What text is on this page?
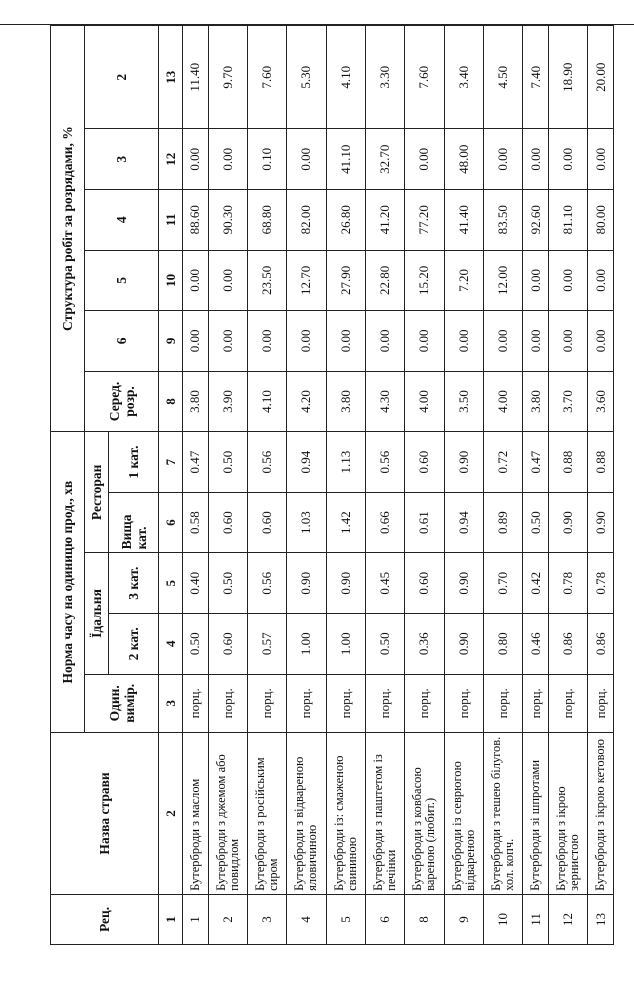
Рец.	Назва страви	Норма часу на одиницю прод., хв					Структура робіт за розрядами, %					
		Один. вимір.	Їдальня		Ресторан		Серед. розр.	6	5	4	3	2
			2 кат.	3 кат.	Вища кат.	1 кат.						
1	2	3	4	5	6	7	8	9	10	11	12	13
1	Бутерброди з маслом	порц.	0.50	0.40	0.58	0.47	3.80	0.00	0.00	88.60	0.00	11.40
2	Бутерброди з джемом або повидлом	порц.	0.60	0.50	0.60	0.50	3.90	0.00	0.00	90.30	0.00	9.70
3	Бутерброди з російським сиром	порц.	0.57	0.56	0.60	0.56	4.10	0.00	23.50	68.80	0.10	7.60
4	Бутерброди з відвареною яловичиною	порц.	1.00	0.90	1.03	0.94	4.20	0.00	12.70	82.00	0.00	5.30
5	Бутерброди із: смаженою свининою	порц.	1.00	0.90	1.42	1.13	3.80	0.00	27.90	26.80	41.10	4.10
6	Бутерброди з паштетом із печінки	порц.	0.50	0.45	0.66	0.56	4.30	0.00	22.80	41.20	32.70	3.30
8	Бутерброди з ковбасою вареною (любит.)	порц.	0.36	0.60	0.61	0.60	4.00	0.00	15.20	77.20	0.00	7.60
9	Бутерброди із севрюгою відвареною	порц.	0.90	0.90	0.94	0.90	3.50	0.00	7.20	41.40	48.00	3.40
10	Бутерброди з тешею білугов. хол. копч.	порц.	0.80	0.70	0.89	0.72	4.00	0.00	12.00	83.50	0.00	4.50
11	Бутерброди зі шпротами	порц.	0.46	0.42	0.50	0.47	3.80	0.00	0.00	92.60	0.00	7.40
12	Бутерброди з ікрою зернистою	порц.	0.86	0.78	0.90	0.88	3.70	0.00	0.00	81.10	0.00	18.90
13	Бутерброди з ікрою кетовою	порц.	0.86	0.78	0.90	0.88	3.60	0.00	0.00	80.00	0.00	20.00
